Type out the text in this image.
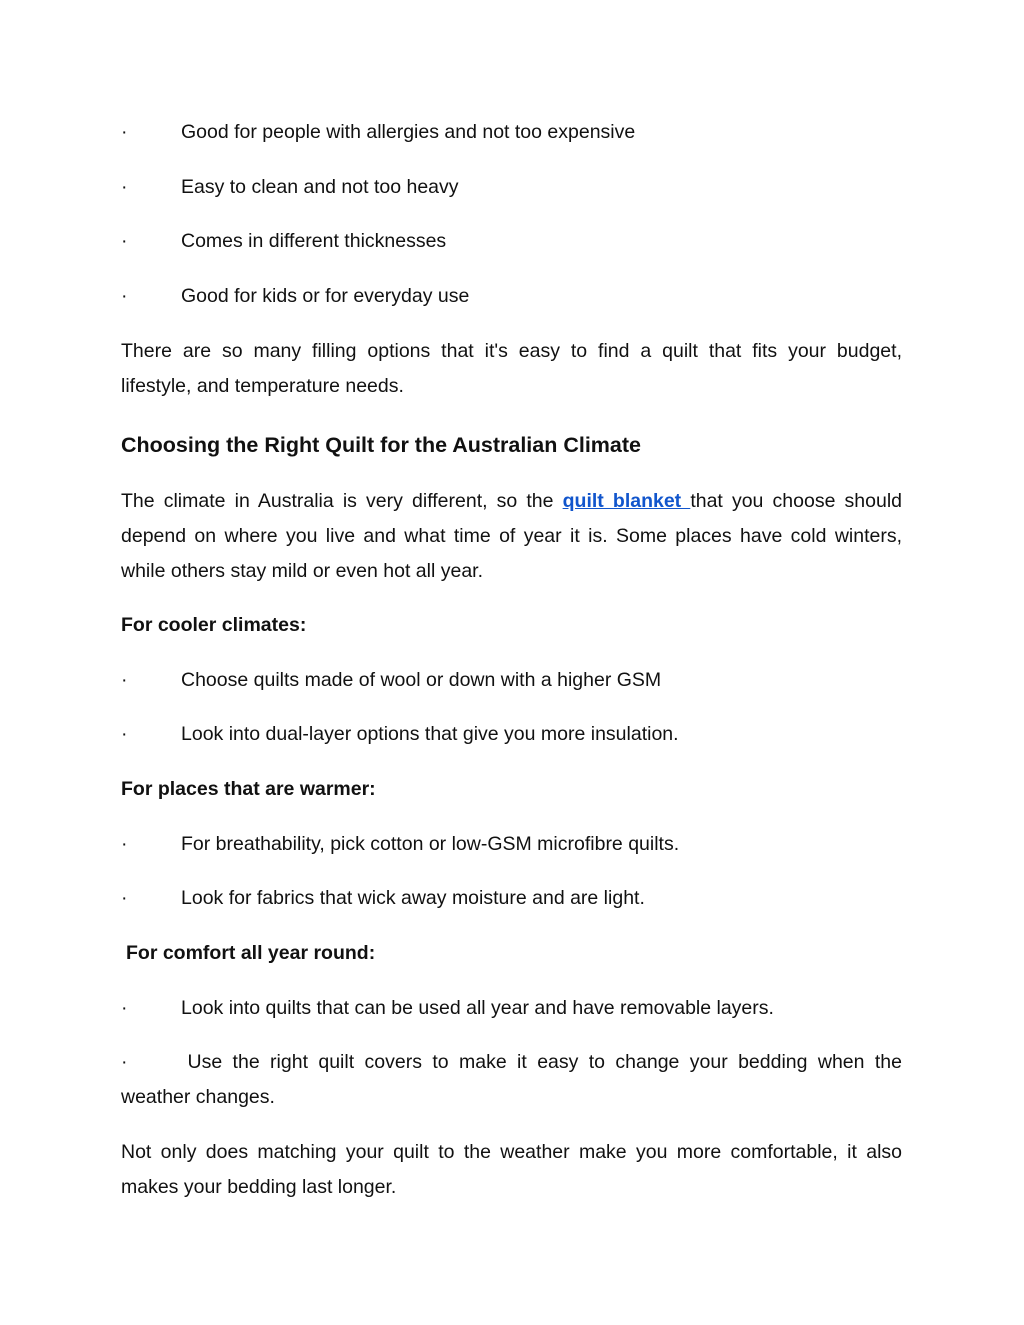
·	Good for people with allergies and not too expensive
·	Easy to clean and not too heavy
·	Comes in different thicknesses
·	Good for kids or for everyday use
There are so many filling options that it's easy to find a quilt that fits your budget,
lifestyle, and temperature needs.
Choosing the Right Quilt for the Australian Climate
The climate in Australia is very different, so the quilt blanket that you choose should
depend on where you live and what time of year it is. Some places have cold winters,
while others stay mild or even hot all year.
For cooler climates:
·	Choose quilts made of wool or down with a higher GSM
·	Look into dual-layer options that give you more insulation.
For places that are warmer:
·	For breathability, pick cotton or low-GSM microfibre quilts.
·	Look for fabrics that wick away moisture and are light.
For comfort all year round:
·	Look into quilts that can be used all year and have removable layers.
·	Use the right quilt covers to make it easy to change your bedding when the
weather changes.
Not only does matching your quilt to the weather make you more comfortable, it also
makes your bedding last longer.
